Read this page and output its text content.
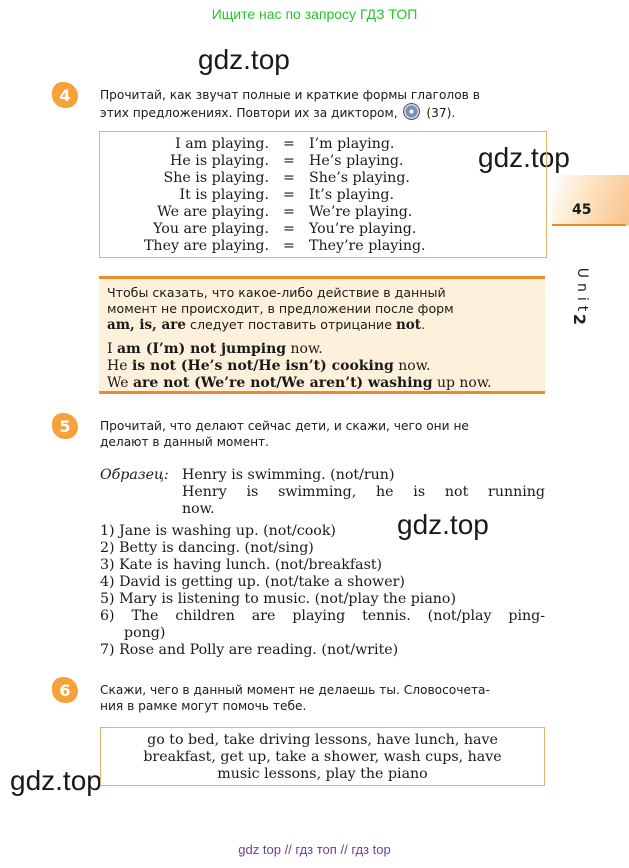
Ищите нас по запросу ГДЗ ТОП
gdz.top
gdz.top
gdz.top
gdz.top
45
Unit
2
4	Прочитай, как звучат полные и краткие формы глаголов в
этих предложениях. Повтори их за диктором, (37).
I am playing. = I’m playing.
He is playing. = He’s playing.
She is playing. = She’s playing.
It is playing. = It’s playing.
We are playing. = We’re playing.
You are playing. = You’re playing.
They are playing. = They’re playing.
Чтобы сказать, что какое-либо действие в данный
момент не происходит, в предложении после форм
am, is, are следует поставить отрицание not.
I am (I’m) not jumping now.
He is not (He’s not/He isn’t) cooking now.
We are not (We’re not/We aren’t) washing up now.
5	Прочитай, что делают сейчас дети, и скажи, чего они не
делают в данный момент.
Образец: Henry is swimming. (not/run)
Henry is swimming, he is not running
now.
1) Jane is washing up. (not/cook)
2) Betty is dancing. (not/sing)
3) Kate is having lunch. (not/breakfast)
4) David is getting up. (not/take a shower)
5) Mary is listening to music. (not/play the piano)
6) The children are playing tennis. (not/play ping-
pong)
7) Rose and Polly are reading. (not/write)
6	Скажи, чего в данный момент не делаешь ты. Словосочета-
ния в рамке могут помочь тебе.
go to bed, take driving lessons, have lunch, have
breakfast, get up, take a shower, wash cups, have
music lessons, play the piano
gdz top // гдз топ // гдз top
